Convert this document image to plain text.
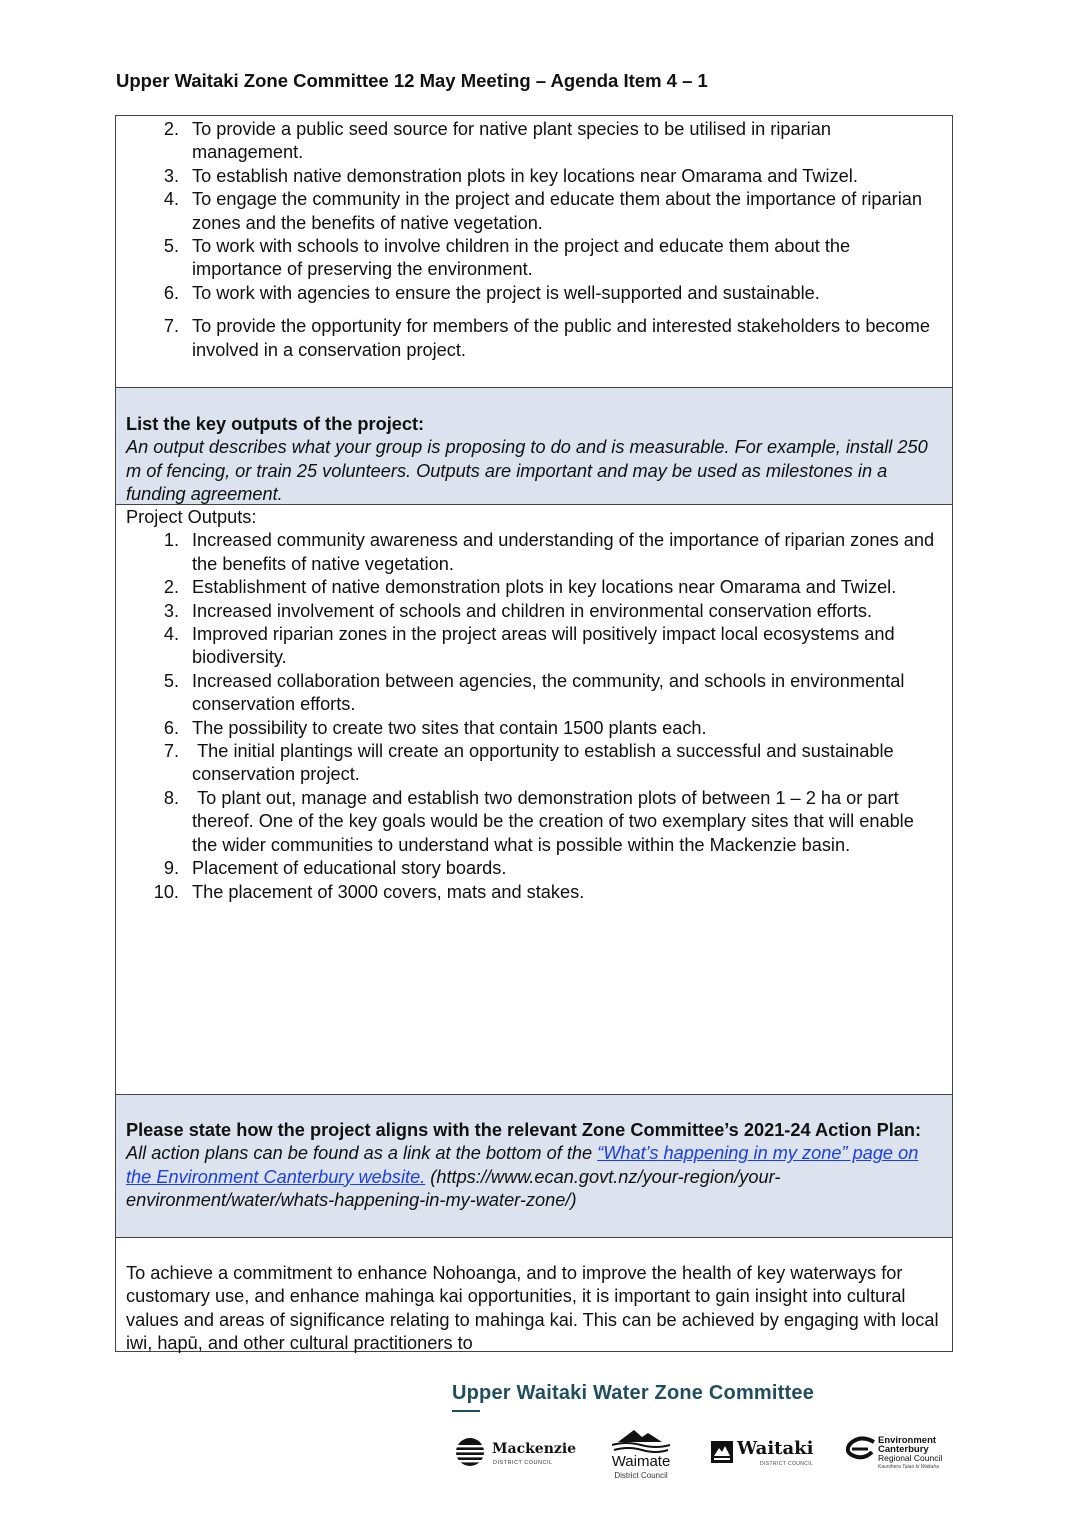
Upper Waitaki Zone Committee 12 May Meeting – Agenda Item 4 – 1
2. To provide a public seed source for native plant species to be utilised in riparian management.
3. To establish native demonstration plots in key locations near Omarama and Twizel.
4. To engage the community in the project and educate them about the importance of riparian zones and the benefits of native vegetation.
5. To work with schools to involve children in the project and educate them about the importance of preserving the environment.
6. To work with agencies to ensure the project is well-supported and sustainable.
7. To provide the opportunity for members of the public and interested stakeholders to become involved in a conservation project.
List the key outputs of the project:
An output describes what your group is proposing to do and is measurable. For example, install 250 m of fencing, or train 25 volunteers. Outputs are important and may be used as milestones in a funding agreement.
Project Outputs:
1. Increased community awareness and understanding of the importance of riparian zones and the benefits of native vegetation.
2. Establishment of native demonstration plots in key locations near Omarama and Twizel.
3. Increased involvement of schools and children in environmental conservation efforts.
4. Improved riparian zones in the project areas will positively impact local ecosystems and biodiversity.
5. Increased collaboration between agencies, the community, and schools in environmental conservation efforts.
6. The possibility to create two sites that contain 1500 plants each.
7. The initial plantings will create an opportunity to establish a successful and sustainable conservation project.
8. To plant out, manage and establish two demonstration plots of between 1 – 2 ha or part thereof. One of the key goals would be the creation of two exemplary sites that will enable the wider communities to understand what is possible within the Mackenzie basin.
9. Placement of educational story boards.
10. The placement of 3000 covers, mats and stakes.
Please state how the project aligns with the relevant Zone Committee’s 2021-24 Action Plan:
All action plans can be found as a link at the bottom of the “What’s happening in my zone” page on the Environment Canterbury website. (https://www.ecan.govt.nz/your-region/your-environment/water/whats-happening-in-my-water-zone/)
To achieve a commitment to enhance Nohoanga, and to improve the health of key waterways for customary use, and enhance mahinga kai opportunities, it is important to gain insight into cultural values and areas of significance relating to mahinga kai. This can be achieved by engaging with local iwi, hapū, and other cultural practitioners to
Upper Waitaki Water Zone Committee
Mackenzie
DISTRICT COUNCIL	Waimate
District Council
Waitaki
DISTRICT COUNCIL
Environment
Canterbury
Regional Council
Kaunihera Taiao ki Waitaha
